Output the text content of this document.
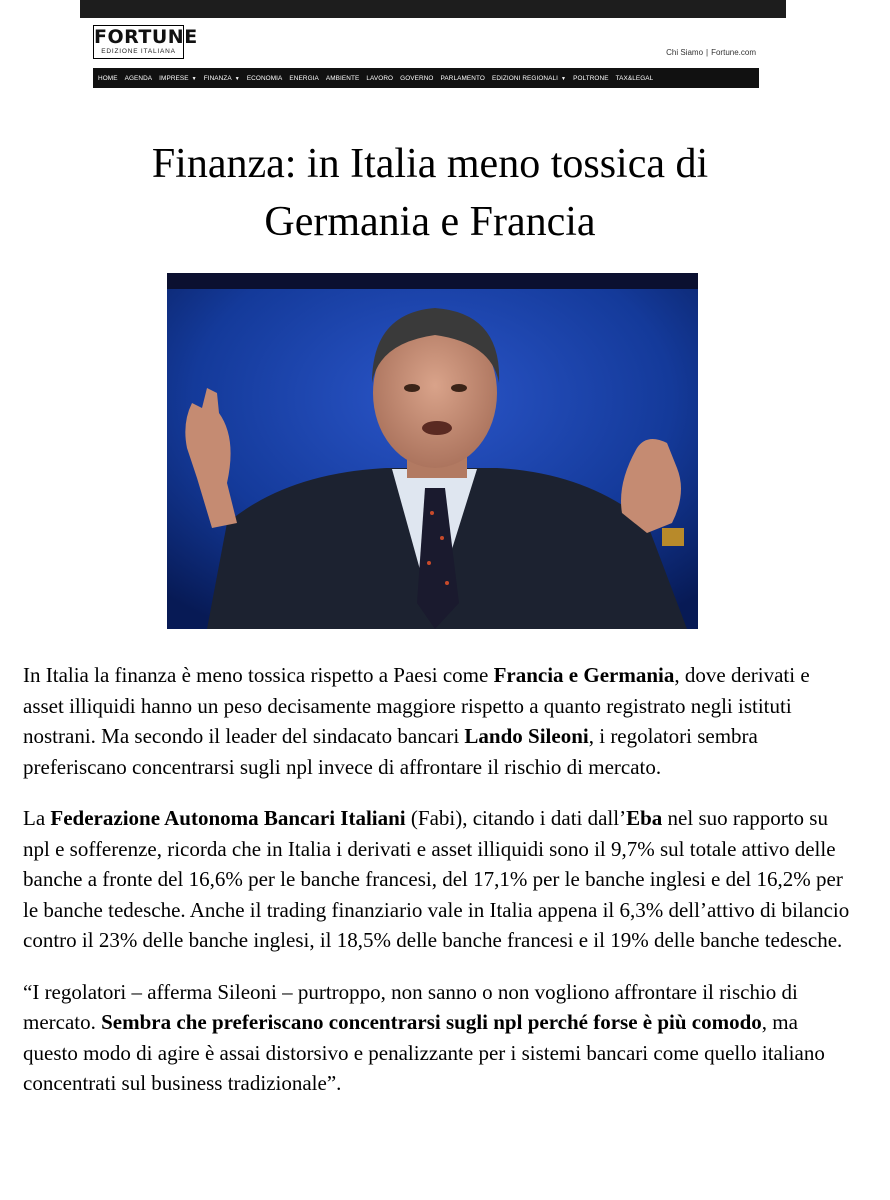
FORTUNE
EDIZIONE ITALIANA	Chi Siamo | Fortune.com
HOME AGENDA IMPRESE ▼ FINANZA ▼ ECONOMIA ENERGIA AMBIENTE LAVORO GOVERNO PARLAMENTO EDIZIONI REGIONALI ▼ POLTRONE TAX&LEGAL
Finanza: in Italia meno tossica di
Germania e Francia

In Italia la finanza è meno tossica rispetto a Paesi come Francia e Germania, dove derivati e asset illiquidi hanno un peso decisamente maggiore rispetto a quanto registrato negli istituti nostrani. Ma secondo il leader del sindacato bancari Lando Sileoni, i regolatori sembra preferiscano concentrarsi sugli npl invece di affrontare il rischio di mercato.

La Federazione Autonoma Bancari Italiani (Fabi), citando i dati dall’Eba nel suo rapporto su npl e sofferenze, ricorda che in Italia i derivati e asset illiquidi sono il 9,7% sul totale attivo delle banche a fronte del 16,6% per le banche francesi, del 17,1% per le banche inglesi e del 16,2% per le banche tedesche. Anche il trading finanziario vale in Italia appena il 6,3% dell’attivo di bilancio contro il 23% delle banche inglesi, il 18,5% delle banche francesi e il 19% delle banche tedesche.

“I regolatori – afferma Sileoni – purtroppo, non sanno o non vogliono affrontare il rischio di mercato. Sembra che preferiscano concentrarsi sugli npl perché forse è più comodo, ma questo modo di agire è assai distorsivo e penalizzante per i sistemi bancari come quello italiano concentrati sul business tradizionale”.
